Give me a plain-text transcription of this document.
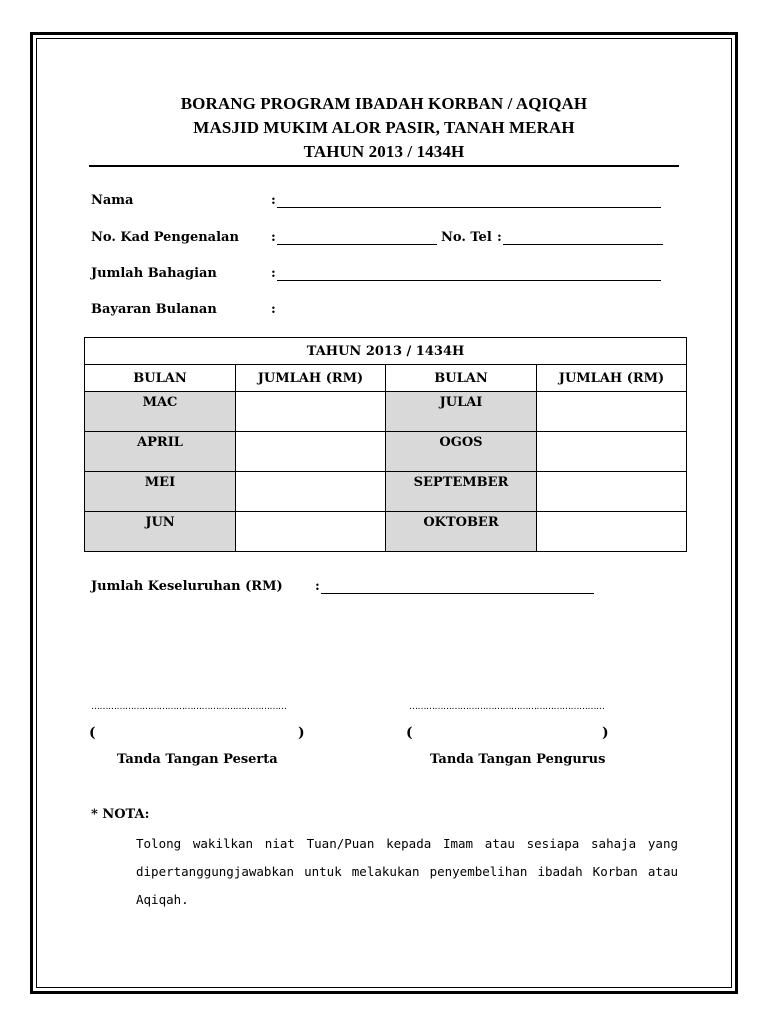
BORANG PROGRAM IBADAH KORBAN / AQIQAH
MASJID MUKIM ALOR PASIR, TANAH MERAH
TAHUN 2013 / 1434H
Nama	:
No. Kad Pengenalan :	No. Tel :
Jumlah Bahagian	:
Bayaran Bulanan	:
TAHUN 2013 / 1434H			
BULAN	JUMLAH (RM)	BULAN	JUMLAH (RM)
MAC		JULAI	
APRIL		OGOS	
MEI		SEPTEMBER	
JUN		OKTOBER	
Jumlah Keseluruhan (RM) :
……………………………………………………………	……………………………………………………………
(	)	(	)
Tanda Tangan Peserta	Tanda Tangan Pengurus
* NOTA:
Tolong wakilkan niat Tuan/Puan kepada Imam atau sesiapa sahaja yang dipertanggungjawabkan untuk melakukan penyembelihan ibadah Korban atau Aqiqah.
